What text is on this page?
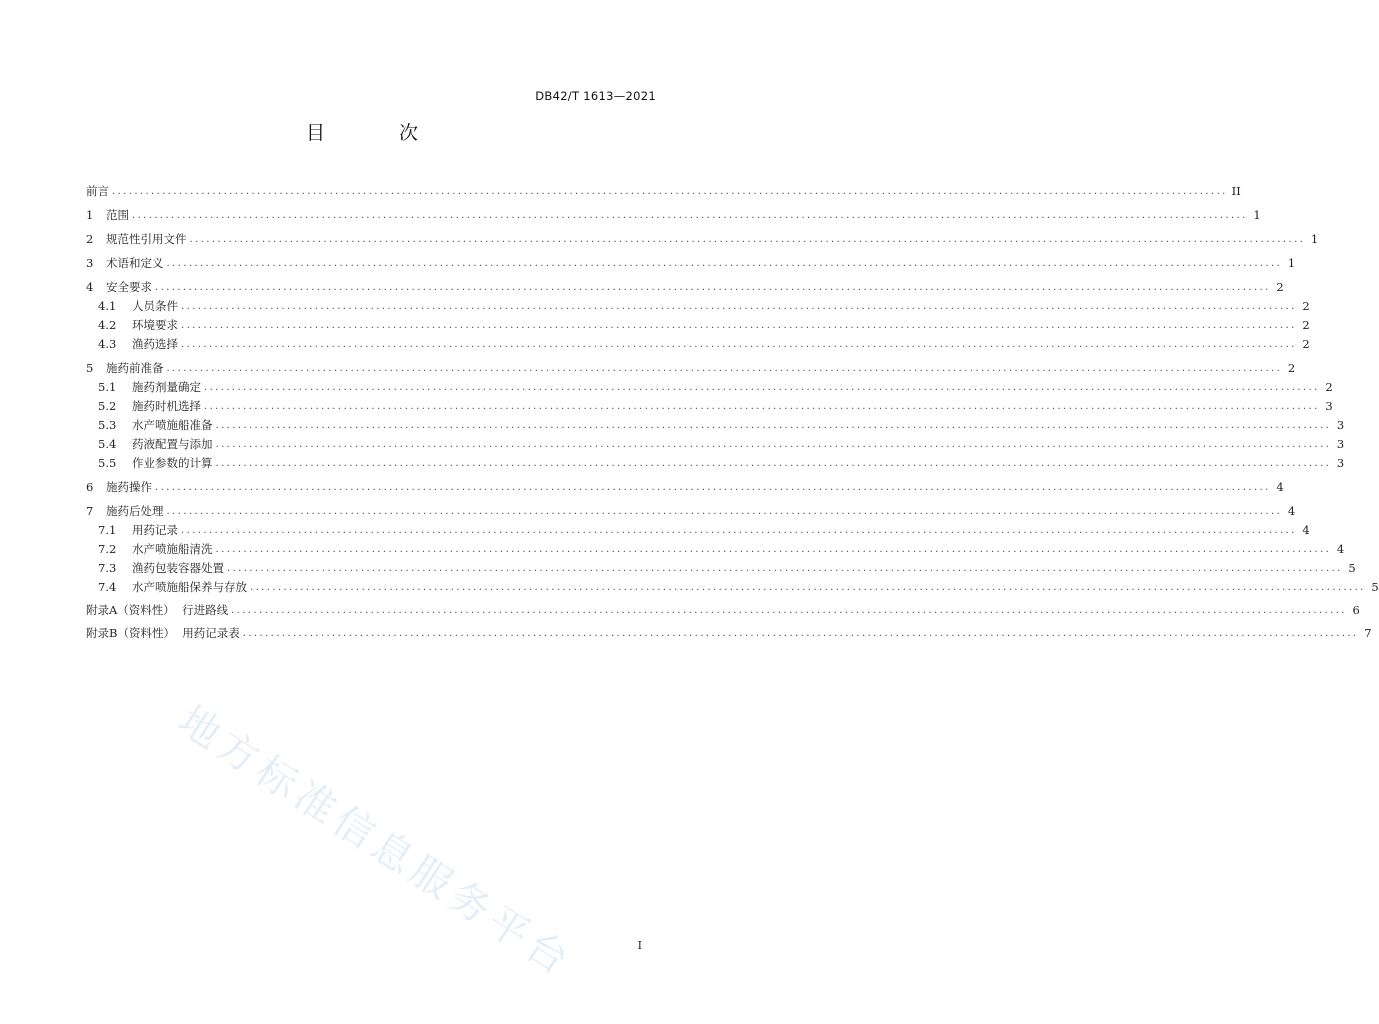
DB42/T 1613—2021
目 次
前言 ........................................................................................................................................................................................................ II
1	范围 ........................................................................................................................................................................................................ 1
2	规范性引用文件 ........................................................................................................................................................................................................ 1
3	术语和定义 ........................................................................................................................................................................................................ 1
4	安全要求 ........................................................................................................................................................................................................ 2
4.1	人员条件 ........................................................................................................................................................................................................ 2
4.2	环境要求 ........................................................................................................................................................................................................ 2
4.3	渔药选择 ........................................................................................................................................................................................................ 2
5	施药前准备 ........................................................................................................................................................................................................ 2
5.1	施药剂量确定 ........................................................................................................................................................................................................ 2
5.2	施药时机选择 ........................................................................................................................................................................................................ 3
5.3	水产喷施船准备 ........................................................................................................................................................................................................ 3
5.4	药液配置与添加 ........................................................................................................................................................................................................ 3
5.5	作业参数的计算 ........................................................................................................................................................................................................ 3
6	施药操作 ........................................................................................................................................................................................................ 4
7	施药后处理 ........................................................................................................................................................................................................ 4
7.1	用药记录 ........................................................................................................................................................................................................ 4
7.2	水产喷施船清洗 ........................................................................................................................................................................................................ 4
7.3	渔药包装容器处置 ........................................................................................................................................................................................................ 5
7.4	水产喷施船保养与存放 ........................................................................................................................................................................................................ 5
附录A（资料性）  行进路线 ........................................................................................................................................................................................................ 6
附录B（资料性）  用药记录表 ........................................................................................................................................................................................................ 7
地方标准信息服务平台	I
